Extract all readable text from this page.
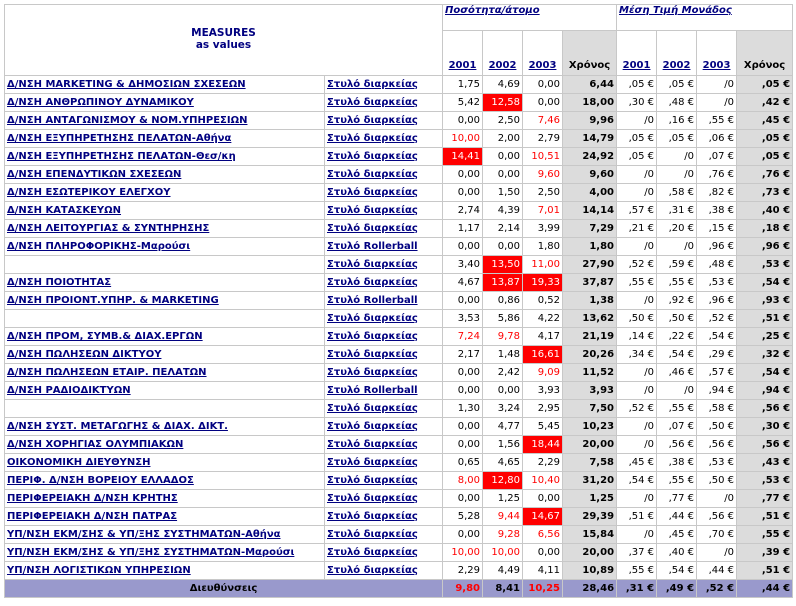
MEASURES
as values		Ποσότητα/άτομο				Μέση Τιμή Μονάδος			
		2001	2002	2003	Χρόνος	2001	2002	2003	Χρόνος
Δ/ΝΣΗ MARKETING & ΔΗΜΟΣΙΩΝ ΣΧΕΣΕΩΝ	Στυλό διαρκείας	1,75	4,69	0,00	6,44	,05 €	,05 €	/0	,05 €
Δ/ΝΣΗ ΑΝΘΡΩΠΙΝΟΥ ΔΥΝΑΜΙΚΟΥ	Στυλό διαρκείας	5,42	12,58	0,00	18,00	,30 €	,48 €	/0	,42 €
Δ/ΝΣΗ ΑΝΤΑΓΩΝΙΣΜΟΥ & ΝΟΜ.ΥΠΗΡΕΣΙΩΝ	Στυλό διαρκείας	0,00	2,50	7,46	9,96	/0	,16 €	,55 €	,45 €
Δ/ΝΣΗ ΕΞΥΠΗΡΕΤΗΣΗΣ ΠΕΛΑΤΩΝ-Αθήνα	Στυλό διαρκείας	10,00	2,00	2,79	14,79	,05 €	,05 €	,06 €	,05 €
Δ/ΝΣΗ ΕΞΥΠΗΡΕΤΗΣΗΣ ΠΕΛΑΤΩΝ-Θεσ/κη	Στυλό διαρκείας	14,41	0,00	10,51	24,92	,05 €	/0	,07 €	,05 €
Δ/ΝΣΗ ΕΠΕΝΔΥΤΙΚΩΝ ΣΧΕΣΕΩΝ	Στυλό διαρκείας	0,00	0,00	9,60	9,60	/0	/0	,76 €	,76 €
Δ/ΝΣΗ ΕΣΩΤΕΡΙΚΟΥ ΕΛΕΓΧΟΥ	Στυλό διαρκείας	0,00	1,50	2,50	4,00	/0	,58 €	,82 €	,73 €
Δ/ΝΣΗ ΚΑΤΑΣΚΕΥΩΝ	Στυλό διαρκείας	2,74	4,39	7,01	14,14	,57 €	,31 €	,38 €	,40 €
Δ/ΝΣΗ ΛΕΙΤΟΥΡΓΙΑΣ & ΣΥΝΤΗΡΗΣΗΣ	Στυλό διαρκείας	1,17	2,14	3,99	7,29	,21 €	,20 €	,15 €	,18 €
Δ/ΝΣΗ ΠΛΗΡΟΦΟΡΙΚΗΣ-Μαρούσι	Στυλό Rollerball	0,00	0,00	1,80	1,80	/0	/0	,96 €	,96 €
	Στυλό διαρκείας	3,40	13,50	11,00	27,90	,52 €	,59 €	,48 €	,53 €
Δ/ΝΣΗ ΠΟΙΟΤΗΤΑΣ	Στυλό διαρκείας	4,67	13,87	19,33	37,87	,55 €	,55 €	,53 €	,54 €
Δ/ΝΣΗ ΠΡΟΙΟΝΤ.ΥΠΗΡ. & MARKETING	Στυλό Rollerball	0,00	0,86	0,52	1,38	/0	,92 €	,96 €	,93 €
	Στυλό διαρκείας	3,53	5,86	4,22	13,62	,50 €	,50 €	,52 €	,51 €
Δ/ΝΣΗ ΠΡΟΜ, ΣΥΜΒ.& ΔΙΑΧ.ΕΡΓΩΝ	Στυλό διαρκείας	7,24	9,78	4,17	21,19	,14 €	,22 €	,54 €	,25 €
Δ/ΝΣΗ ΠΩΛΗΣΕΩΝ ΔΙΚΤΥΟΥ	Στυλό διαρκείας	2,17	1,48	16,61	20,26	,34 €	,54 €	,29 €	,32 €
Δ/ΝΣΗ ΠΩΛΗΣΕΩΝ ΕΤΑΙΡ. ΠΕΛΑΤΩΝ	Στυλό διαρκείας	0,00	2,42	9,09	11,52	/0	,46 €	,57 €	,54 €
Δ/ΝΣΗ ΡΑΔΙΟΔΙΚΤΥΩΝ	Στυλό Rollerball	0,00	0,00	3,93	3,93	/0	/0	,94 €	,94 €
	Στυλό διαρκείας	1,30	3,24	2,95	7,50	,52 €	,55 €	,58 €	,56 €
Δ/ΝΣΗ ΣΥΣΤ. ΜΕΤΑΓΩΓΗΣ & ΔΙΑΧ. ΔΙΚΤ.	Στυλό διαρκείας	0,00	4,77	5,45	10,23	/0	,07 €	,50 €	,30 €
Δ/ΝΣΗ ΧΟΡΗΓΙΑΣ ΟΛΥΜΠΙΑΚΩΝ	Στυλό διαρκείας	0,00	1,56	18,44	20,00	/0	,56 €	,56 €	,56 €
ΟΙΚΟΝΟΜΙΚΗ ΔΙΕΥΘΥΝΣΗ	Στυλό διαρκείας	0,65	4,65	2,29	7,58	,45 €	,38 €	,53 €	,43 €
ΠΕΡΙΦ. Δ/ΝΣΗ ΒΟΡΕΙΟΥ ΕΛΛΑΔΟΣ	Στυλό διαρκείας	8,00	12,80	10,40	31,20	,54 €	,55 €	,50 €	,53 €
ΠΕΡΙΦΕΡΕΙΑΚΗ Δ/ΝΣΗ ΚΡΗΤΗΣ	Στυλό διαρκείας	0,00	1,25	0,00	1,25	/0	,77 €	/0	,77 €
ΠΕΡΙΦΕΡΕΙΑΚΗ Δ/ΝΣΗ ΠΑΤΡΑΣ	Στυλό διαρκείας	5,28	9,44	14,67	29,39	,51 €	,44 €	,56 €	,51 €
ΥΠ/ΝΣΗ ΕΚΜ/ΣΗΣ & ΥΠ/ΞΗΣ ΣΥΣΤΗΜΑΤΩΝ-Αθήνα	Στυλό διαρκείας	0,00	9,28	6,56	15,84	/0	,45 €	,70 €	,55 €
ΥΠ/ΝΣΗ ΕΚΜ/ΣΗΣ & ΥΠ/ΞΗΣ ΣΥΣΤΗΜΑΤΩΝ-Μαρούσι	Στυλό διαρκείας	10,00	10,00	0,00	20,00	,37 €	,40 €	/0	,39 €
ΥΠ/ΝΣΗ ΛΟΓΙΣΤΙΚΩΝ ΥΠΗΡΕΣΙΩΝ	Στυλό διαρκείας	2,29	4,49	4,11	10,89	,55 €	,54 €	,44 €	,51 €
Διευθύνσεις		9,80	8,41	10,25	28,46	,31 €	,49 €	,52 €	,44 €
